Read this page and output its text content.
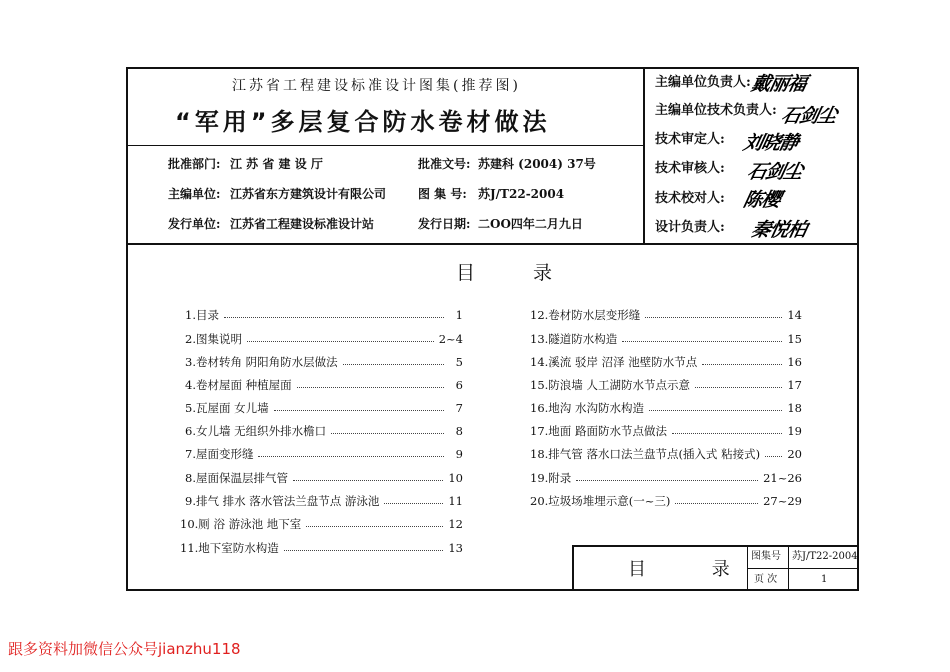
江苏省工程建设标准设计图集(推荐图)
“军用”多层复合防水卷材做法
批准部门: 江 苏 省 建 设 厅	批准文号: 苏建科 (2004) 37号
主编单位: 江苏省东方建筑设计有限公司	图 集 号: 苏J/T22-2004
发行单位: 江苏省工程建设标准设计站	发行日期: 二OO四年二月九日
主编单位负责人:
戴丽福
主编单位技术负责人: 石剑尘
技术审定人: 刘晓静
技术审核人: 石剑尘
技术校对人: 陈樱
设计负责人: 秦悦柏
目 录
1.目录	1
2.图集说明	2~4
3.卷材转角 阴阳角防水层做法	5
4.卷材屋面 种植屋面	6
5.瓦屋面 女儿墙	7
6.女儿墙 无组织外排水檐口	8
7.屋面变形缝	9
8.屋面保温层排气管	10
9.排气 排水 落水管法兰盘节点 游泳池	11
10.厕 浴 游泳池 地下室	12
11.地下室防水构造	13
12.卷材防水层变形缝	14
13.隧道防水构造	15
14.溪流 驳岸 沼泽 池壁防水节点	16
15.防浪墙 人工湖防水节点示意	17
16.地沟 水沟防水构造	18
17.地面 路面防水节点做法	19
18.排气管 落水口法兰盘节点(插入式 粘接式) 20
19.附录	21~26
20.垃圾场堆埋示意(一~三)	27~29
目 录
图集号 苏J/T22-2004
页 次	1
跟多资料加微信公众号jianzhu118
